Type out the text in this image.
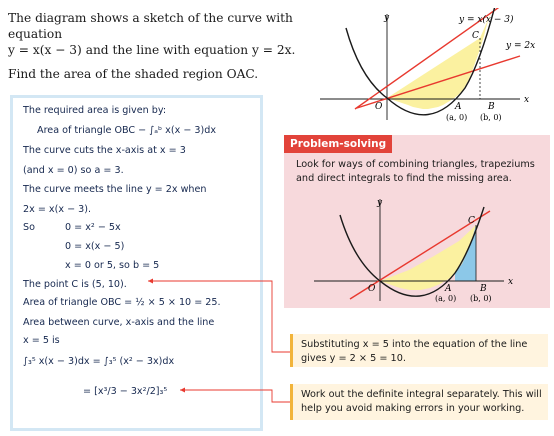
The diagram shows a sketch of the curve with equation
y = x(x − 3) and the line with equation y = 2x.

Find the area of the shaded region OAC.

y
x
y = x(x − 3)
y = 2x
C
O	A	B
(a, 0) (b, 0)
The required area is given by:
Area of triangle OBC − ∫ₐᵇ x(x − 3)dx
The curve cuts the x-axis at x = 3
(and x = 0) so a = 3.
The curve meets the line y = 2x when
2x = x(x − 3).
So	0 = x² − 5x
0 = x(x − 5)
x = 0 or 5, so b = 5
The point C is (5, 10).
Area of triangle OBC = ½ × 5 × 10 = 25.
Area between curve, x-axis and the line
x = 5 is
∫₃⁵ x(x − 3)dx = ∫₃⁵ (x² − 3x)dx
= [x³/3 − 3x²/2]₃⁵
Problem-solving
Look for ways of combining triangles, trapeziums and direct integrals to find the missing area.
y
x
C
O	A	B
(a, 0) (b, 0)
Substituting x = 5 into the equation of the line gives y = 2 × 5 = 10.
Work out the definite integral separately. This will help you avoid making errors in your working.
